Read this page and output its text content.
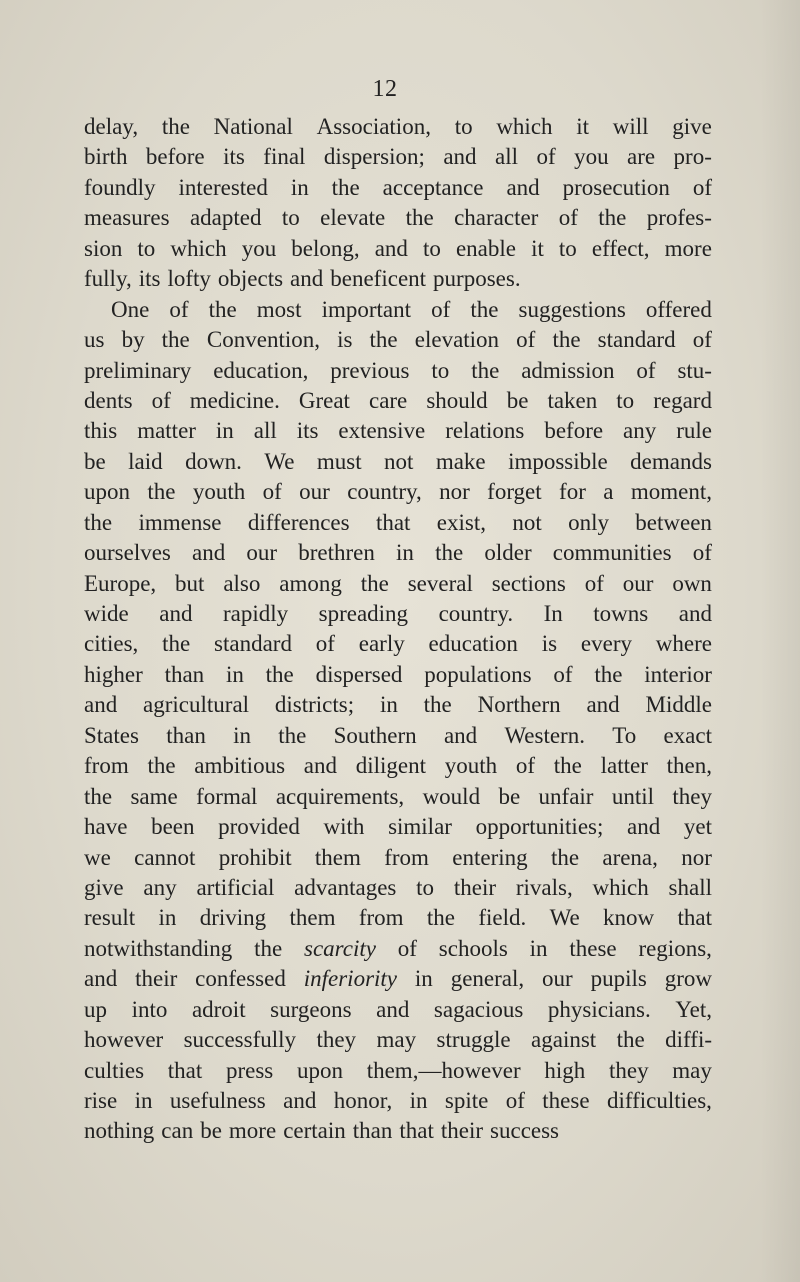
12
delay, the National Association, to which it will give
birth before its final dispersion; and all of you are pro-
foundly interested in the acceptance and prosecution of
measures adapted to elevate the character of the profes-
sion to which you belong, and to enable it to effect, more
fully, its lofty objects and beneficent purposes.
One of the most important of the suggestions offered
us by the Convention, is the elevation of the standard of
preliminary education, previous to the admission of stu-
dents of medicine. Great care should be taken to regard
this matter in all its extensive relations before any rule
be laid down. We must not make impossible demands
upon the youth of our country, nor forget for a moment,
the immense differences that exist, not only between
ourselves and our brethren in the older communities of
Europe, but also among the several sections of our own
wide and rapidly spreading country. In towns and
cities, the standard of early education is every where
higher than in the dispersed populations of the interior
and agricultural districts; in the Northern and Middle
States than in the Southern and Western. To exact
from the ambitious and diligent youth of the latter then,
the same formal acquirements, would be unfair until they
have been provided with similar opportunities; and yet
we cannot prohibit them from entering the arena, nor
give any artificial advantages to their rivals, which shall
result in driving them from the field. We know that
notwithstanding the scarcity of schools in these regions,
and their confessed inferiority in general, our pupils grow
up into adroit surgeons and sagacious physicians. Yet,
however successfully they may struggle against the diffi-
culties that press upon them,—however high they may
rise in usefulness and honor, in spite of these difficulties,
nothing can be more certain than that their success
